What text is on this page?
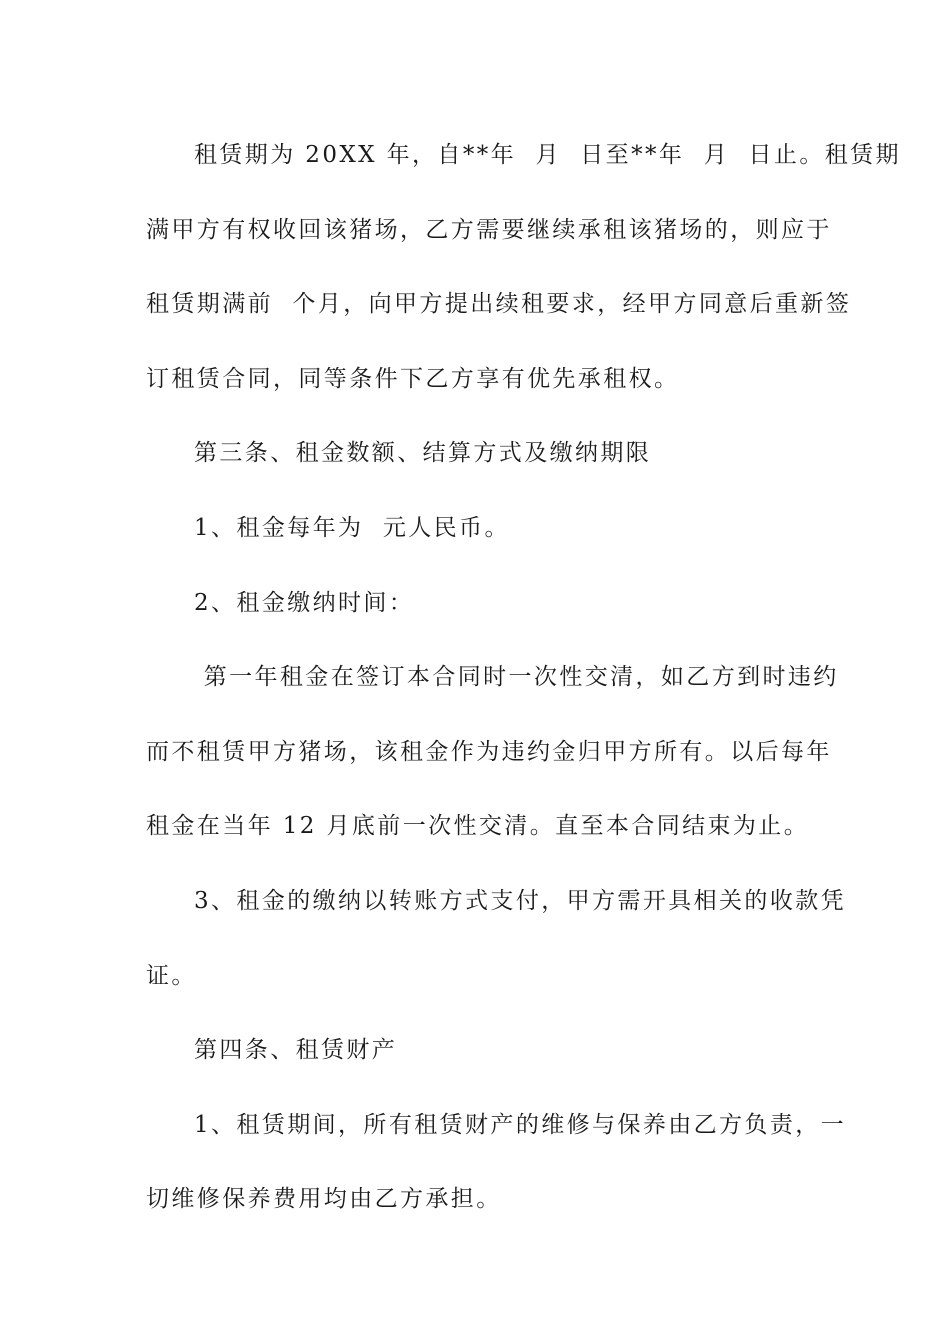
租赁期为 20XX 年，自**年  月  日至**年  月  日止。租赁期
满甲方有权收回该猪场，乙方需要继续承租该猪场的，则应于
租赁期满前  个月，向甲方提出续租要求，经甲方同意后重新签
订租赁合同，同等条件下乙方享有优先承租权。
第三条、租金数额、结算方式及缴纳期限
1、租金每年为  元人民币。
2、租金缴纳时间：
第一年租金在签订本合同时一次性交清，如乙方到时违约
而不租赁甲方猪场，该租金作为违约金归甲方所有。以后每年
租金在当年 12 月底前一次性交清。直至本合同结束为止。
3、租金的缴纳以转账方式支付，甲方需开具相关的收款凭
证。
第四条、租赁财产
1、租赁期间，所有租赁财产的维修与保养由乙方负责，一
切维修保养费用均由乙方承担。
